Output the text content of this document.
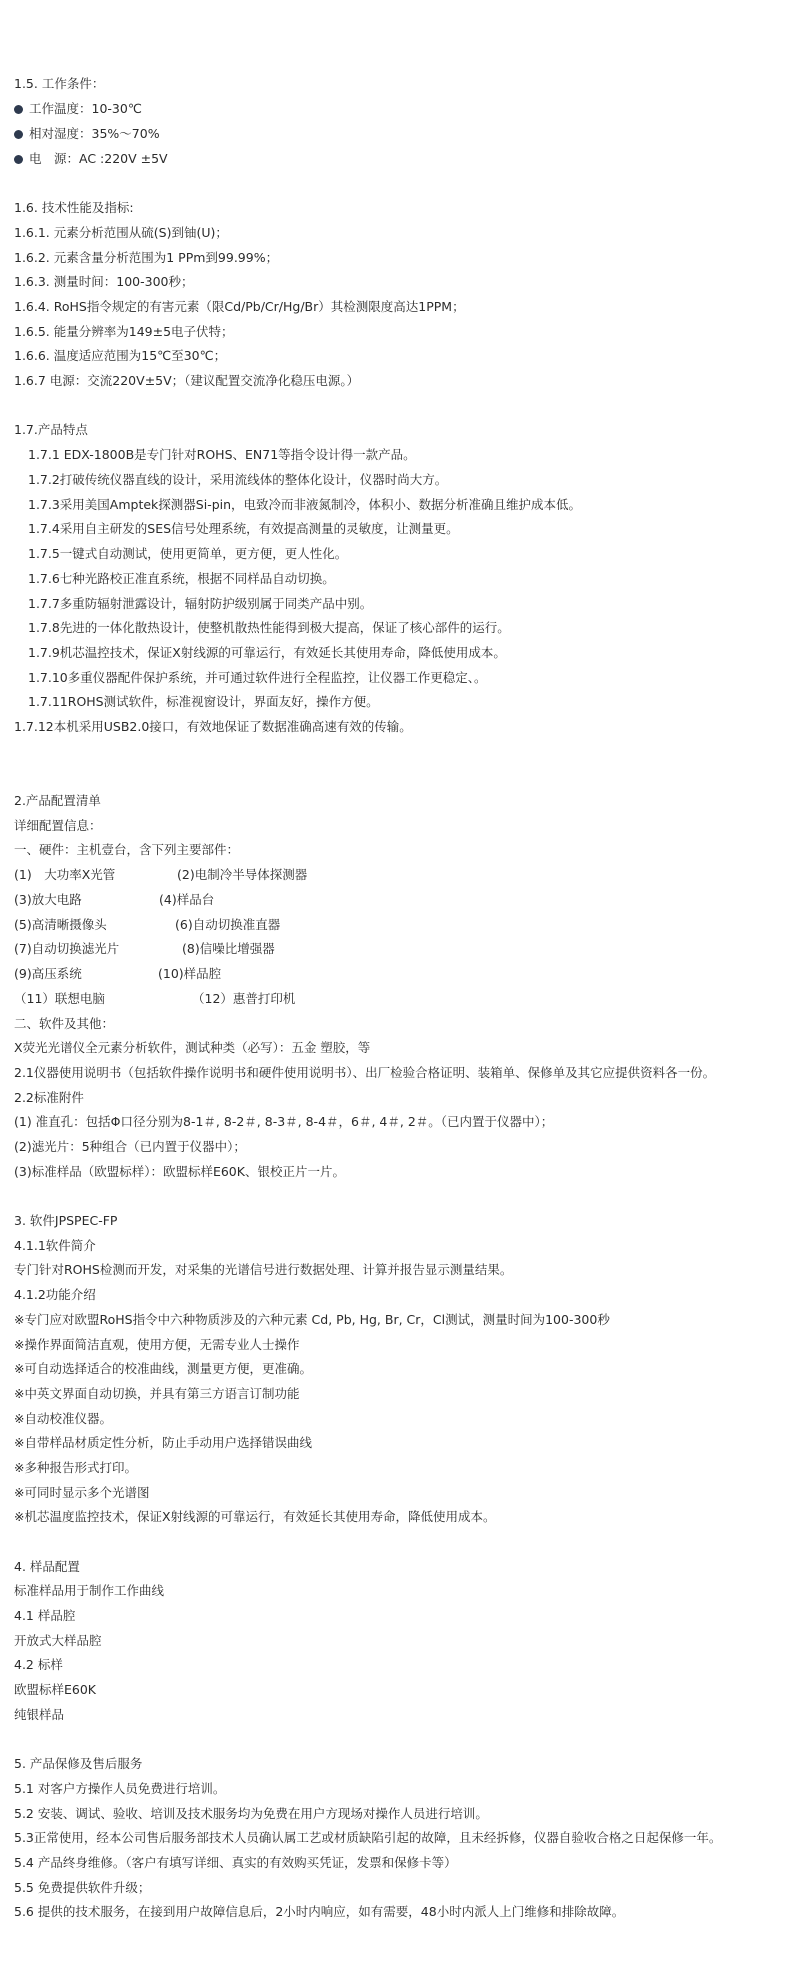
1.5. 工作条件：
工作温度：10-30℃
相对湿度：35%～70%
电　源：AC :220V ±5V
1.6. 技术性能及指标:
1.6.1. 元素分析范围从硫(S)到铀(U)；
1.6.2. 元素含量分析范围为1 PPm到99.99%；
1.6.3. 测量时间：100-300秒；
1.6.4. RoHS指令规定的有害元素（限Cd/Pb/Cr/Hg/Br）其检测限度高达1PPM；
1.6.5. 能量分辨率为149±5电子伏特；
1.6.6. 温度适应范围为15℃至30℃；
1.6.7 电源：交流220V±5V；（建议配置交流净化稳压电源。）
1.7.产品特点
1.7.1 EDX-1800B是专门针对ROHS、EN71等指令设计得一款产品。
1.7.2打破传统仪器直线的设计，采用流线体的整体化设计，仪器时尚大方。
1.7.3采用美国Amptek探测器Si-pin，电致冷而非液氮制冷，体积小、数据分析准确且维护成本低。
1.7.4采用自主研发的SES信号处理系统，有效提高测量的灵敏度，让测量更。
1.7.5一键式自动测试，使用更简单，更方便，更人性化。
1.7.6七种光路校正准直系统，根据不同样品自动切换。
1.7.7多重防辐射泄露设计，辐射防护级别属于同类产品中别。
1.7.8先进的一体化散热设计，使整机散热性能得到极大提高，保证了核心部件的运行。
1.7.9机芯温控技术，保证X射线源的可靠运行，有效延长其使用寿命，降低使用成本。
1.7.10多重仪器配件保护系统，并可通过软件进行全程监控，让仪器工作更稳定、。
1.7.11ROHS测试软件，标准视窗设计，界面友好，操作方便。
1.7.12本机采用USB2.0接口，有效地保证了数据准确高速有效的传输。
2.产品配置清单
详细配置信息：
一、硬件：主机壹台，含下列主要部件：
(1)　大功率X光管	(2)电制冷半导体探测器
(3)放大电路	(4)样品台
(5)高清晰摄像头	(6)自动切换准直器
(7)自动切换滤光片	(8)信噪比增强器
(9)高压系统	(10)样品腔
（11）联想电脑	（12）惠普打印机
二、软件及其他：
X荧光光谱仪全元素分析软件，测试种类（必写）：五金 塑胶，等
2.1仪器使用说明书（包括软件操作说明书和硬件使用说明书）、出厂检验合格证明、装箱单、保修单及其它应提供资料各一份。
2.2标准附件
(1) 准直孔：包括Φ口径分别为8-1＃, 8-2＃, 8-3＃, 8-4＃，6＃, 4＃, 2＃。（已内置于仪器中）；
(2)滤光片：5种组合（已内置于仪器中）；
(3)标准样品（欧盟标样）：欧盟标样E60K、银校正片一片。
3. 软件JPSPEC-FP
4.1.1软件简介
专门针对ROHS检测而开发，对采集的光谱信号进行数据处理、计算并报告显示测量结果。
4.1.2功能介绍
※专门应对欧盟RoHS指令中六种物质涉及的六种元素 Cd, Pb, Hg, Br, Cr，Cl测试，测量时间为100-300秒
※操作界面简洁直观，使用方便，无需专业人士操作
※可自动选择适合的校准曲线，测量更方便，更准确。
※中英文界面自动切换，并具有第三方语言订制功能
※自动校准仪器。
※自带样品材质定性分析，防止手动用户选择错误曲线
※多种报告形式打印。
※可同时显示多个光谱图
※机芯温度监控技术，保证X射线源的可靠运行，有效延长其使用寿命，降低使用成本。
4. 样品配置
标准样品用于制作工作曲线
4.1 样品腔
开放式大样品腔
4.2 标样
欧盟标样E60K
纯银样品
5. 产品保修及售后服务
5.1 对客户方操作人员免费进行培训。
5.2 安装、调试、验收、培训及技术服务均为免费在用户方现场对操作人员进行培训。
5.3正常使用，经本公司售后服务部技术人员确认属工艺或材质缺陷引起的故障，且未经拆修，仪器自验收合格之日起保修一年。
5.4 产品终身维修。（客户有填写详细、真实的有效购买凭证，发票和保修卡等）
5.5 免费提供软件升级；
5.6 提供的技术服务，在接到用户故障信息后，2小时内响应，如有需要，48小时内派人上门维修和排除故障。
